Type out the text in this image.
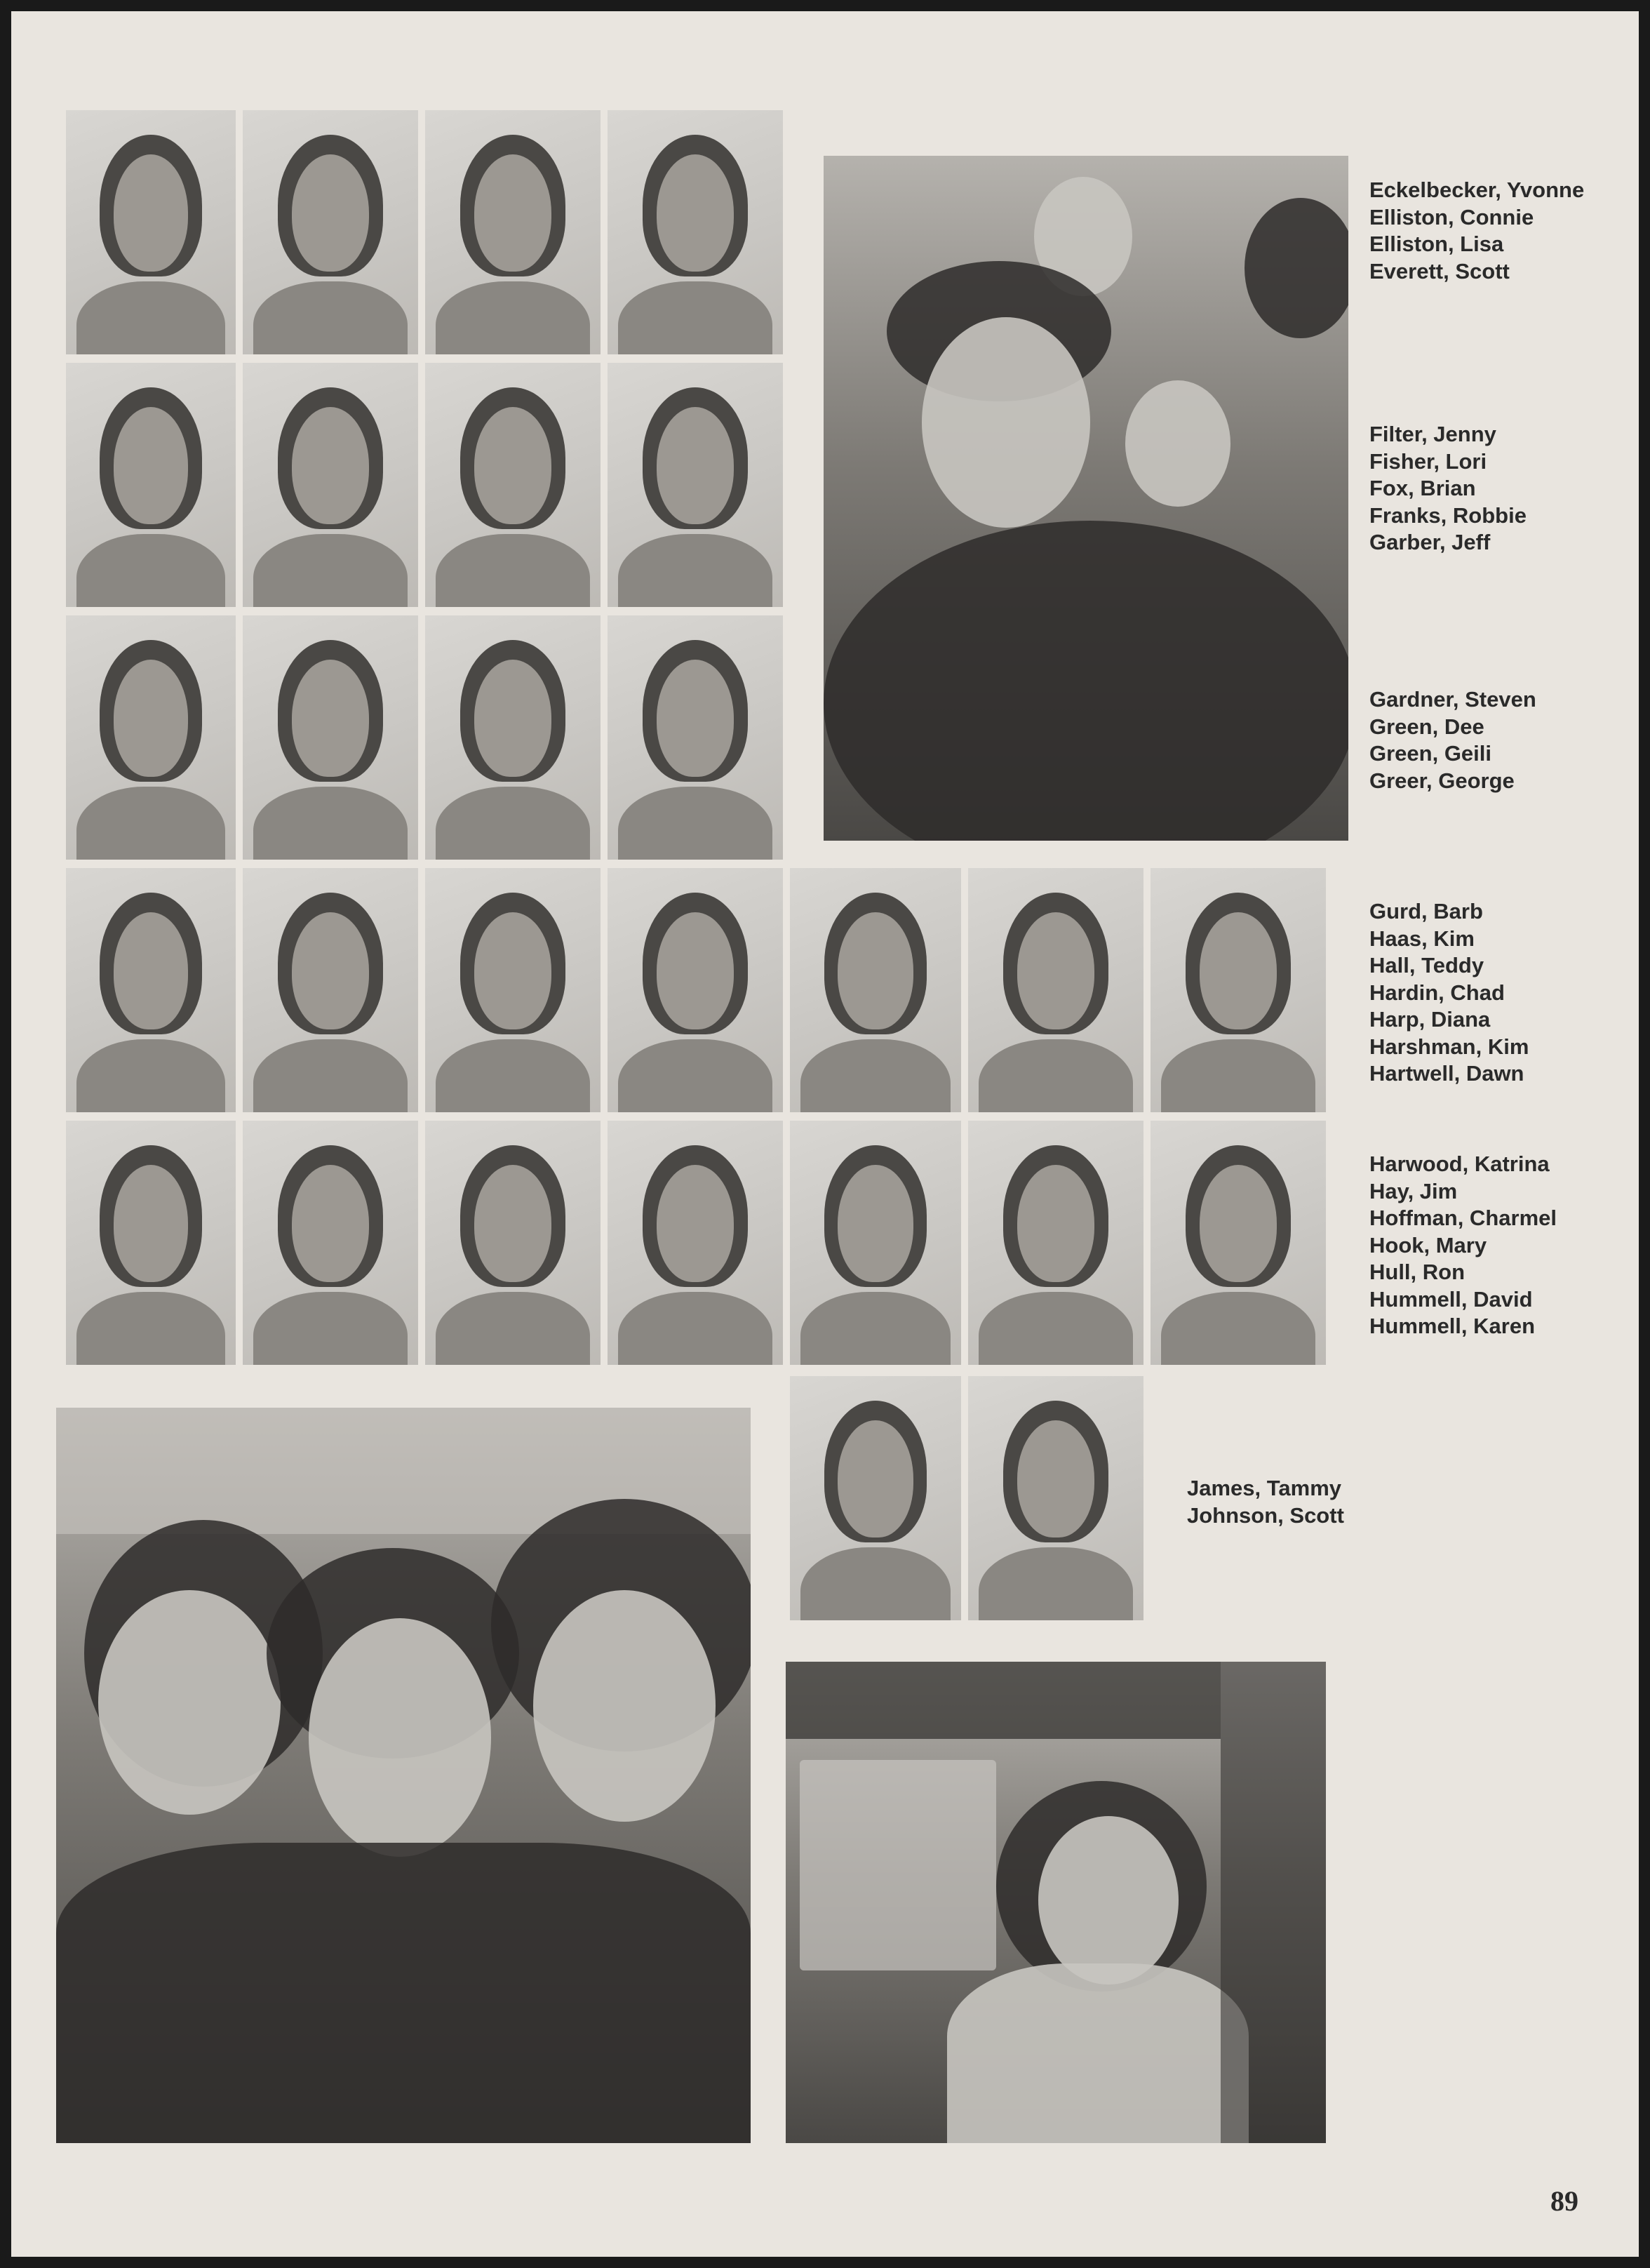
Eckelbecker, Yvonne
Elliston, Connie
Elliston, Lisa
Everett, Scott
Filter, Jenny
Fisher, Lori
Fox, Brian
Franks, Robbie
Garber, Jeff
Gardner, Steven
Green, Dee
Green, Geili
Greer, George
Gurd, Barb
Haas, Kim
Hall, Teddy
Hardin, Chad
Harp, Diana
Harshman, Kim
Hartwell, Dawn
Harwood, Katrina
Hay, Jim
Hoffman, Charmel
Hook, Mary
Hull, Ron
Hummell, David
Hummell, Karen
James, Tammy
Johnson, Scott
89
